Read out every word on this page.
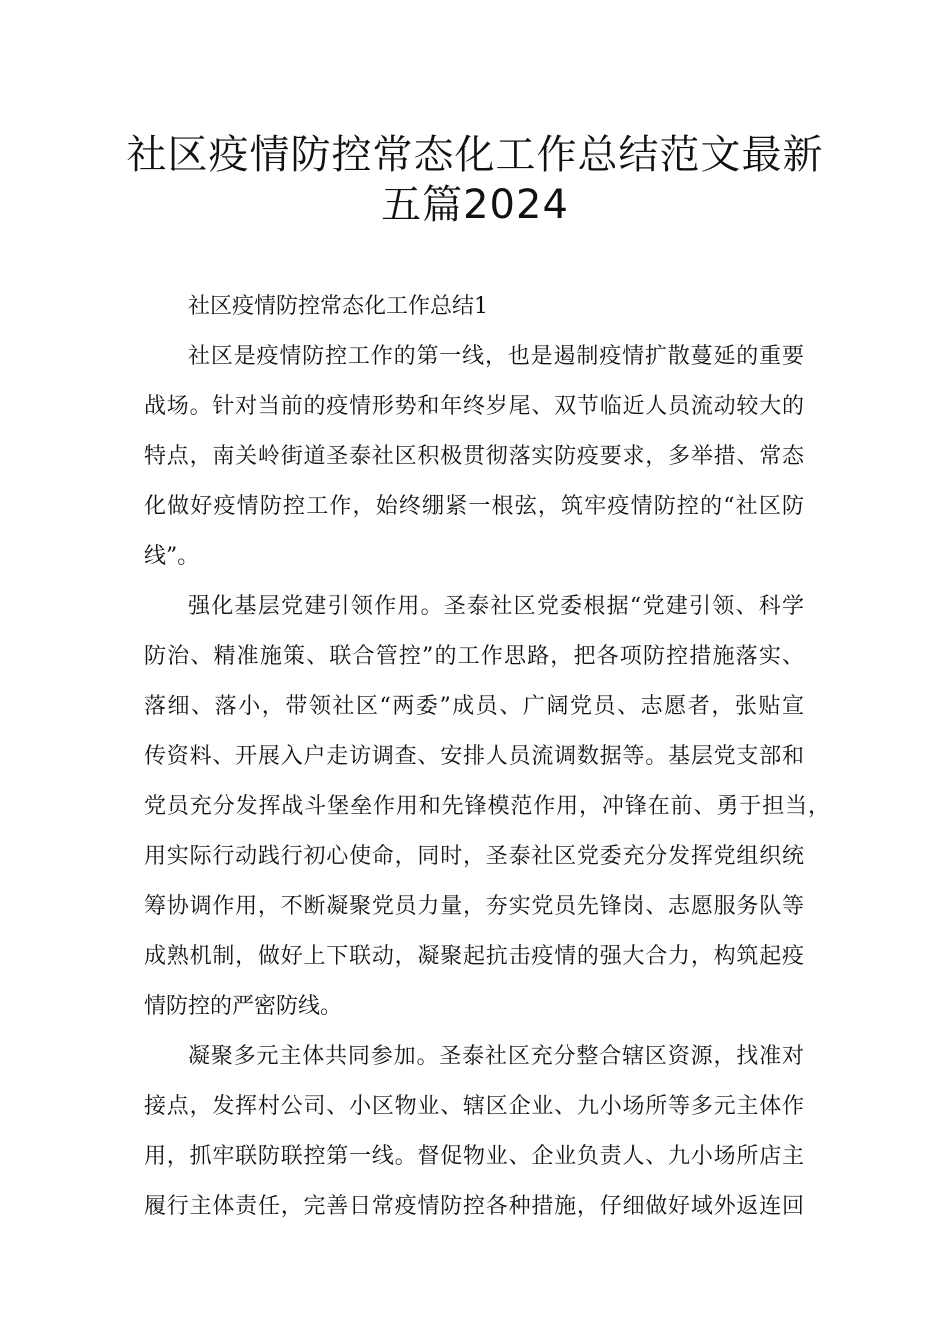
社区疫情防控常态化工作总结范文最新
五篇2024
社区疫情防控常态化工作总结1
社区是疫情防控工作的第一线，也是遏制疫情扩散蔓延的重要
战场。针对当前的疫情形势和年终岁尾、双节临近人员流动较大的
特点，南关岭街道圣泰社区积极贯彻落实防疫要求，多举措、常态
化做好疫情防控工作，始终绷紧一根弦，筑牢疫情防控的“社区防
线”。
强化基层党建引领作用。圣泰社区党委根据“党建引领、科学
防治、精准施策、联合管控”的工作思路，把各项防控措施落实、
落细、落小，带领社区“两委”成员、广阔党员、志愿者，张贴宣
传资料、开展入户走访调查、安排人员流调数据等。基层党支部和
党员充分发挥战斗堡垒作用和先锋模范作用，冲锋在前、勇于担当，
用实际行动践行初心使命，同时，圣泰社区党委充分发挥党组织统
筹协调作用，不断凝聚党员力量，夯实党员先锋岗、志愿服务队等
成熟机制，做好上下联动，凝聚起抗击疫情的强大合力，构筑起疫
情防控的严密防线。
凝聚多元主体共同参加。圣泰社区充分整合辖区资源，找准对
接点，发挥村公司、小区物业、辖区企业、九小场所等多元主体作
用，抓牢联防联控第一线。督促物业、企业负责人、九小场所店主
履行主体责任，完善日常疫情防控各种措施，仔细做好域外返连回
